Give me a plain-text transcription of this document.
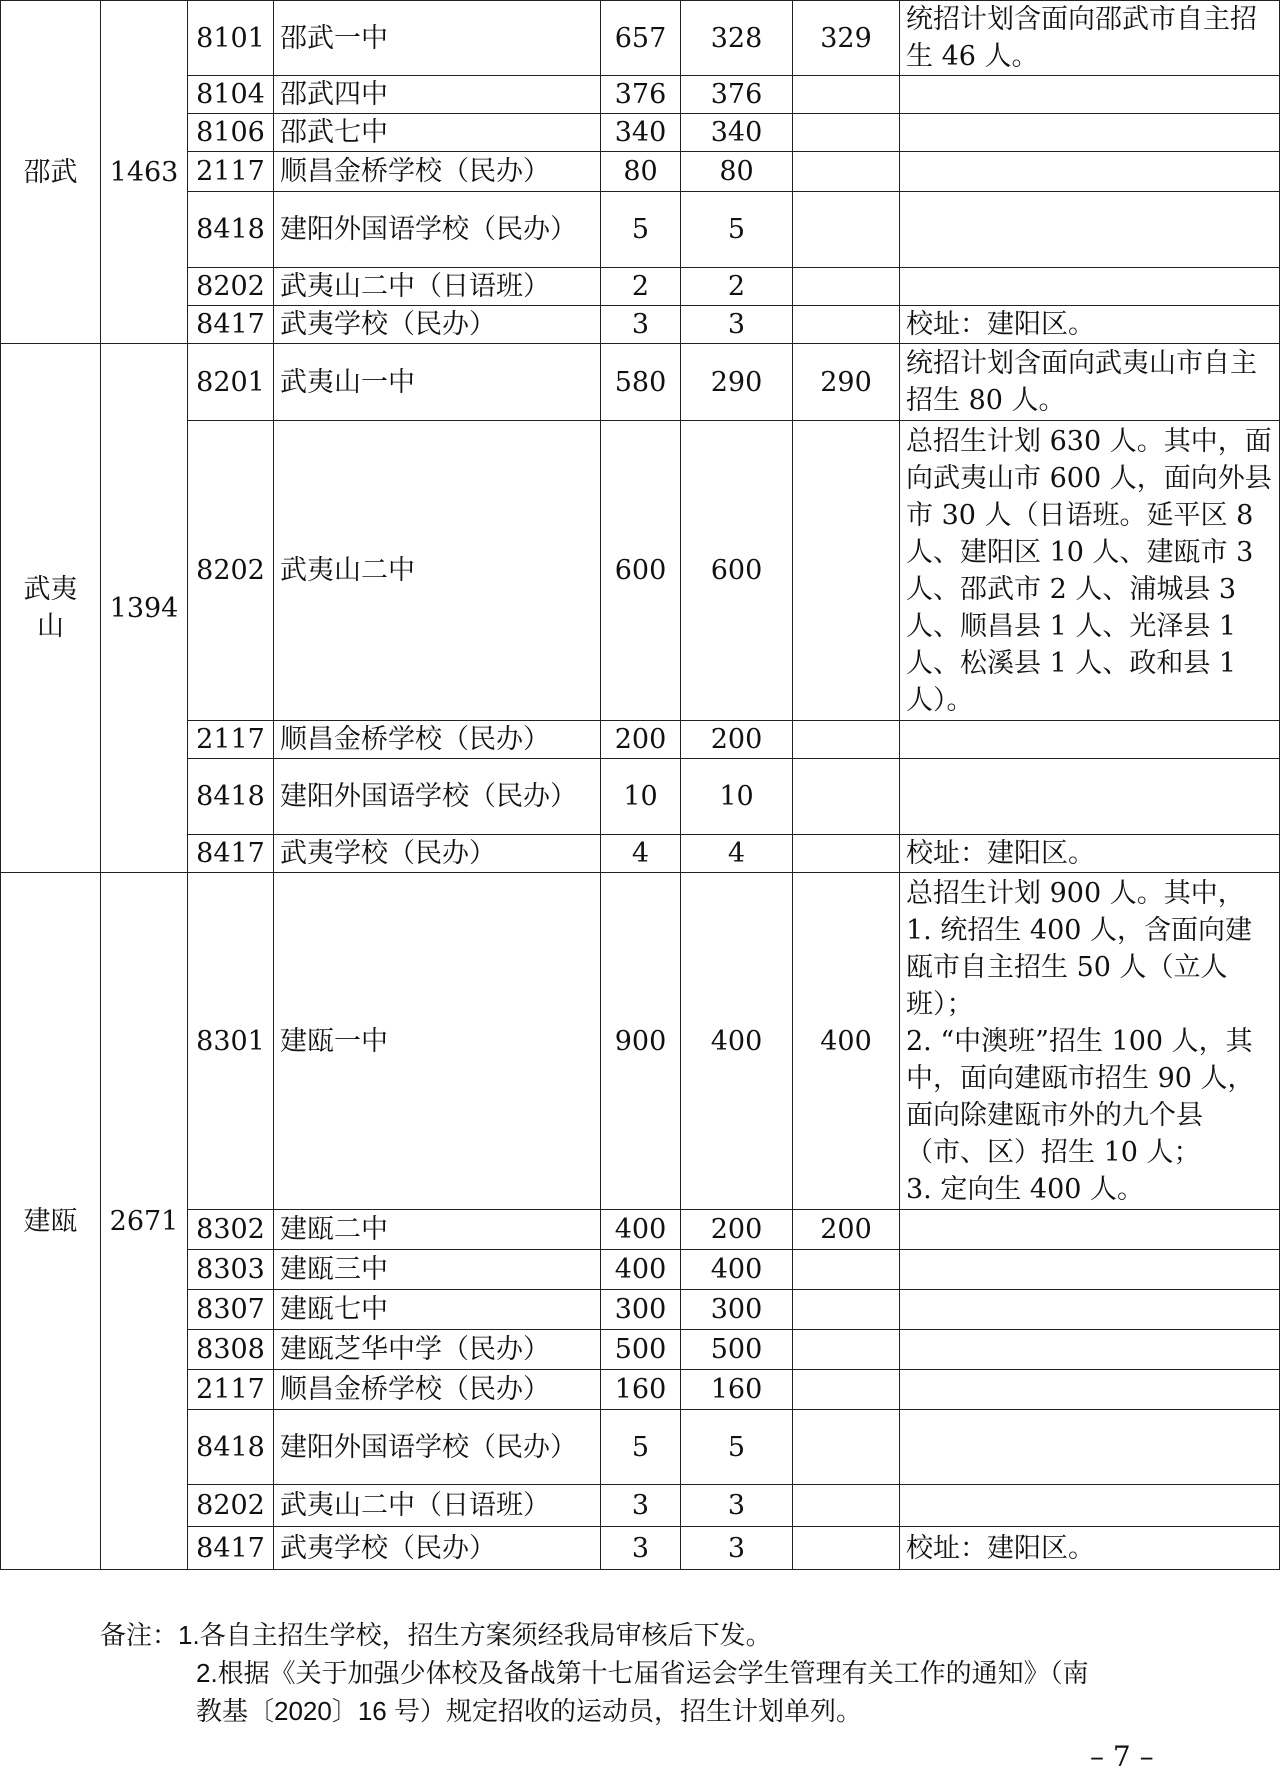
邵武	1463	8101	邵武一中	657	328	329	统招计划含面向邵武市自主招生 46 人。
		8104	邵武四中	376	376		
		8106	邵武七中	340	340		
		2117	顺昌金桥学校（民办）	80	80		
		8418	建阳外国语学校（民办）	5	5		
		8202	武夷山二中（日语班）	2	2		
		8417	武夷学校（民办）	3	3		校址：建阳区。
武夷山	1394	8201	武夷山一中	580	290	290	统招计划含面向武夷山市自主招生 80 人。
		8202	武夷山二中	600	600		总招生计划 630 人。其中，面向武夷山市 600 人，面向外县市 30 人（日语班。延平区 8 人、建阳区 10 人、建瓯市 3 人、邵武市 2 人、浦城县 3 人、顺昌县 1 人、光泽县 1 人、松溪县 1 人、政和县 1 人）。
		2117	顺昌金桥学校（民办）	200	200		
		8418	建阳外国语学校（民办）	10	10		
		8417	武夷学校（民办）	4	4		校址：建阳区。
建瓯	2671	8301	建瓯一中	900	400	400	总招生计划 900 人。其中，
1. 统招生 400 人，含面向建瓯市自主招生 50 人（立人班）；
2. “中澳班”招生 100 人，其中，面向建瓯市招生 90 人，面向除建瓯市外的九个县（市、区）招生 10 人；
3. 定向生 400 人。

		8302	建瓯二中	400	200	200	
		8303	建瓯三中	400	400		
		8307	建瓯七中	300	300		
		8308	建瓯芝华中学（民办）	500	500		
		2117	顺昌金桥学校（民办）	160	160		
		8418	建阳外国语学校（民办）	5	5		
		8202	武夷山二中（日语班）	3	3		
		8417	武夷学校（民办）	3	3		校址：建阳区。

备注：1.各自主招生学校，招生方案须经我局审核后下发。

2.根据《关于加强少体校及备战第十七届省运会学生管理有关工作的通知》（南

教基〔2020〕16 号）规定招收的运动员，招生计划单列。

– 7 –
